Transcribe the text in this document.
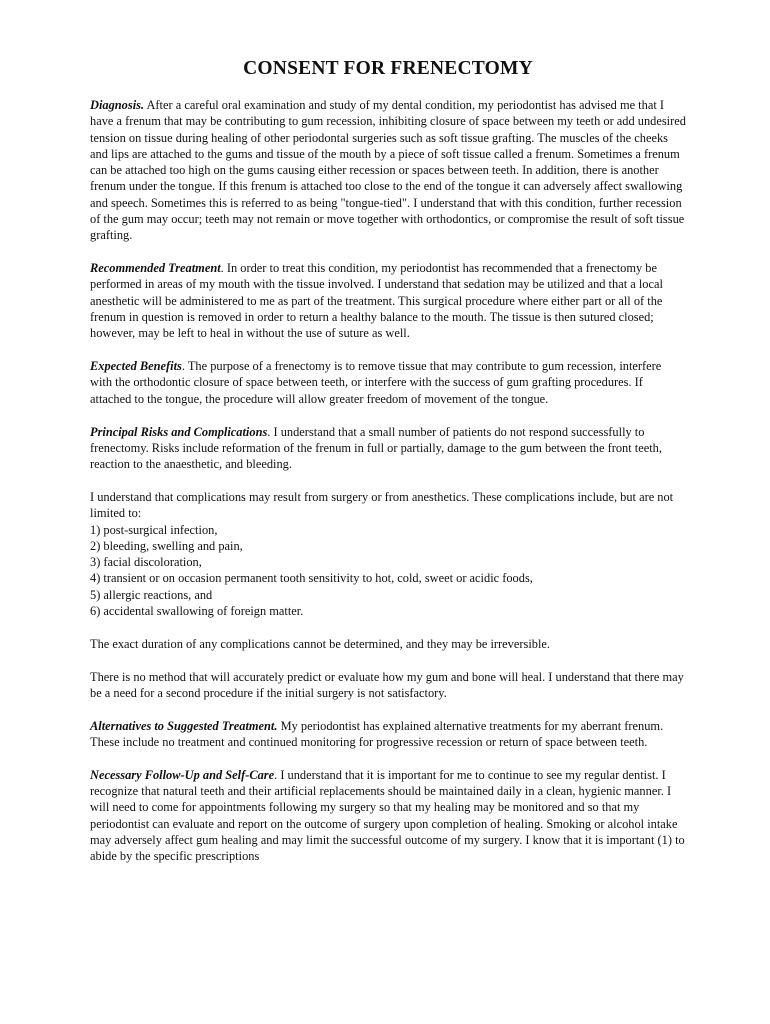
CONSENT FOR FRENECTOMY

Diagnosis. After a careful oral examination and study of my dental condition, my periodontist has advised me that I have a frenum that may be contributing to gum recession, inhibiting closure of space between my teeth or add undesired tension on tissue during healing of other periodontal surgeries such as soft tissue grafting. The muscles of the cheeks and lips are attached to the gums and tissue of the mouth by a piece of soft tissue called a frenum. Sometimes a frenum can be attached too high on the gums causing either recession or spaces between teeth. In addition, there is another frenum under the tongue. If this frenum is attached too close to the end of the tongue it can adversely affect swallowing and speech. Sometimes this is referred to as being "tongue-tied". I understand that with this condition, further recession of the gum may occur; teeth may not remain or move together with orthodontics, or compromise the result of soft tissue grafting.

Recommended Treatment. In order to treat this condition, my periodontist has recommended that a frenectomy be performed in areas of my mouth with the tissue involved. I understand that sedation may be utilized and that a local anesthetic will be administered to me as part of the treatment. This surgical procedure where either part or all of the frenum in question is removed in order to return a healthy balance to the mouth. The tissue is then sutured closed; however, may be left to heal in without the use of suture as well.

Expected Benefits. The purpose of a frenectomy is to remove tissue that may contribute to gum recession, interfere with the orthodontic closure of space between teeth, or interfere with the success of gum grafting procedures. If attached to the tongue, the procedure will allow greater freedom of movement of the tongue.

Principal Risks and Complications. I understand that a small number of patients do not respond successfully to frenectomy. Risks include reformation of the frenum in full or partially, damage to the gum between the front teeth, reaction to the anaesthetic, and bleeding.

I understand that complications may result from surgery or from anesthetics. These complications include, but are not limited to:
1) post-surgical infection,
2) bleeding, swelling and pain,
3) facial discoloration,
4) transient or on occasion permanent tooth sensitivity to hot, cold, sweet or acidic foods,
5) allergic reactions, and
6) accidental swallowing of foreign matter.

The exact duration of any complications cannot be determined, and they may be irreversible.

There is no method that will accurately predict or evaluate how my gum and bone will heal. I understand that there may be a need for a second procedure if the initial surgery is not satisfactory.

Alternatives to Suggested Treatment. My periodontist has explained alternative treatments for my aberrant frenum. These include no treatment and continued monitoring for progressive recession or return of space between teeth.

Necessary Follow-Up and Self-Care. I understand that it is important for me to continue to see my regular dentist. I recognize that natural teeth and their artificial replacements should be maintained daily in a clean, hygienic manner. I will need to come for appointments following my surgery so that my healing may be monitored and so that my periodontist can evaluate and report on the outcome of surgery upon completion of healing. Smoking or alcohol intake may adversely affect gum healing and may limit the successful outcome of my surgery. I know that it is important (1) to abide by the specific prescriptions
